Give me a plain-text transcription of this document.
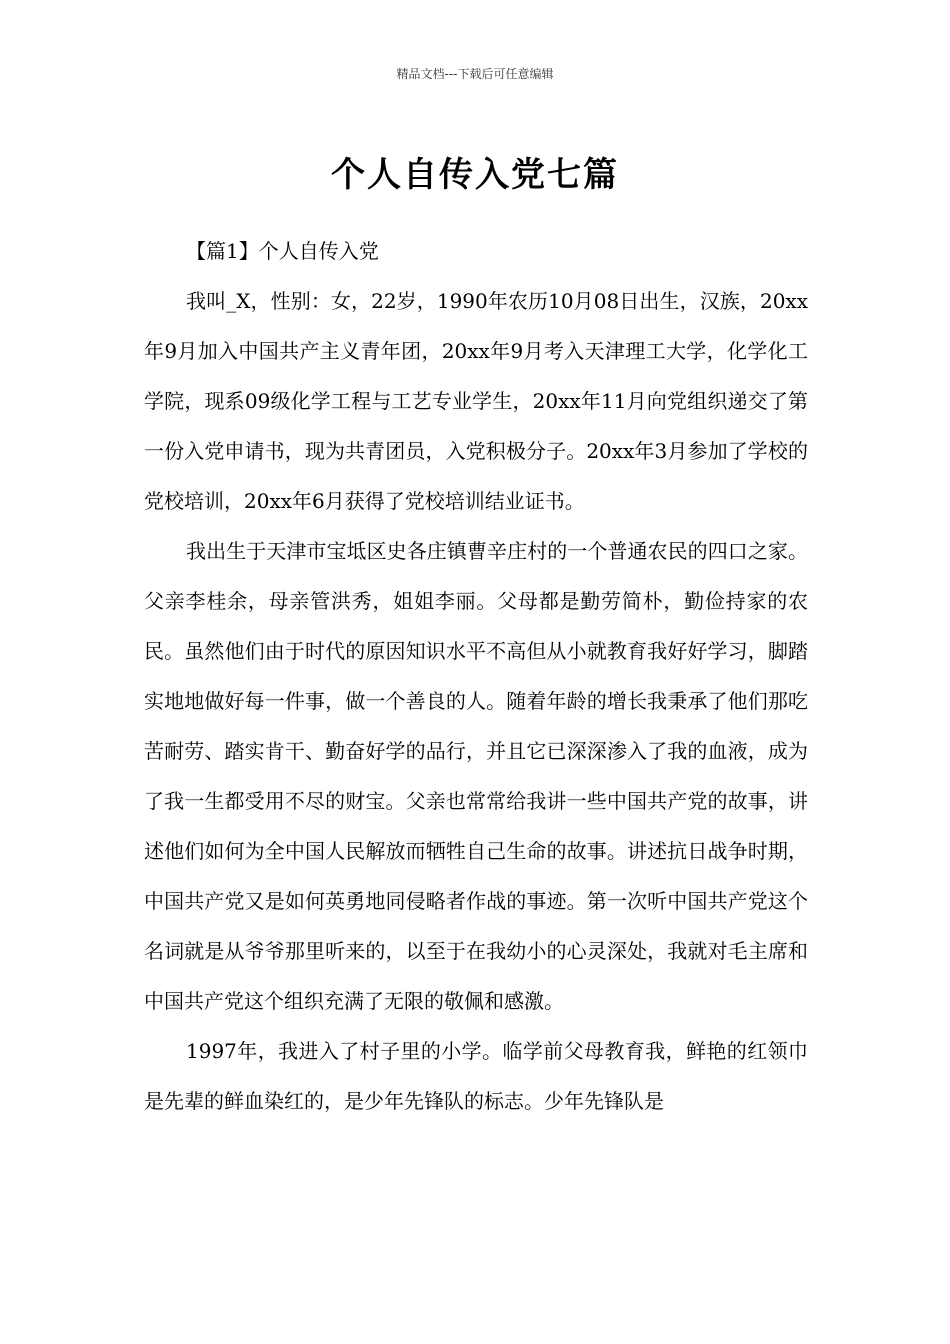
精品文档---下载后可任意编辑
个人自传入党七篇

【篇1】个人自传入党

我叫_X，性别：女，22岁，1990年农历10月08日出生，汉族，20xx年9月加入中国共产主义青年团，20xx年9月考入天津理工大学，化学化工学院，现系09级化学工程与工艺专业学生，20xx年11月向党组织递交了第一份入党申请书，现为共青团员，入党积极分子。20xx年3月参加了学校的党校培训，20xx年6月获得了党校培训结业证书。

我出生于天津市宝坻区史各庄镇曹辛庄村的一个普通农民的四口之家。父亲李桂余，母亲管洪秀，姐姐李丽。父母都是勤劳简朴，勤俭持家的农民。虽然他们由于时代的原因知识水平不高但从小就教育我好好学习，脚踏实地地做好每一件事，做一个善良的人。随着年龄的增长我秉承了他们那吃苦耐劳、踏实肯干、勤奋好学的品行，并且它已深深渗入了我的血液，成为了我一生都受用不尽的财宝。父亲也常常给我讲一些中国共产党的故事，讲述他们如何为全中国人民解放而牺牲自己生命的故事。讲述抗日战争时期，中国共产党又是如何英勇地同侵略者作战的事迹。第一次听中国共产党这个名词就是从爷爷那里听来的，以至于在我幼小的心灵深处，我就对毛主席和中国共产党这个组织充满了无限的敬佩和感激。

1997年，我进入了村子里的小学。临学前父母教育我，鲜艳的红领巾是先辈的鲜血染红的，是少年先锋队的标志。少年先锋队是
